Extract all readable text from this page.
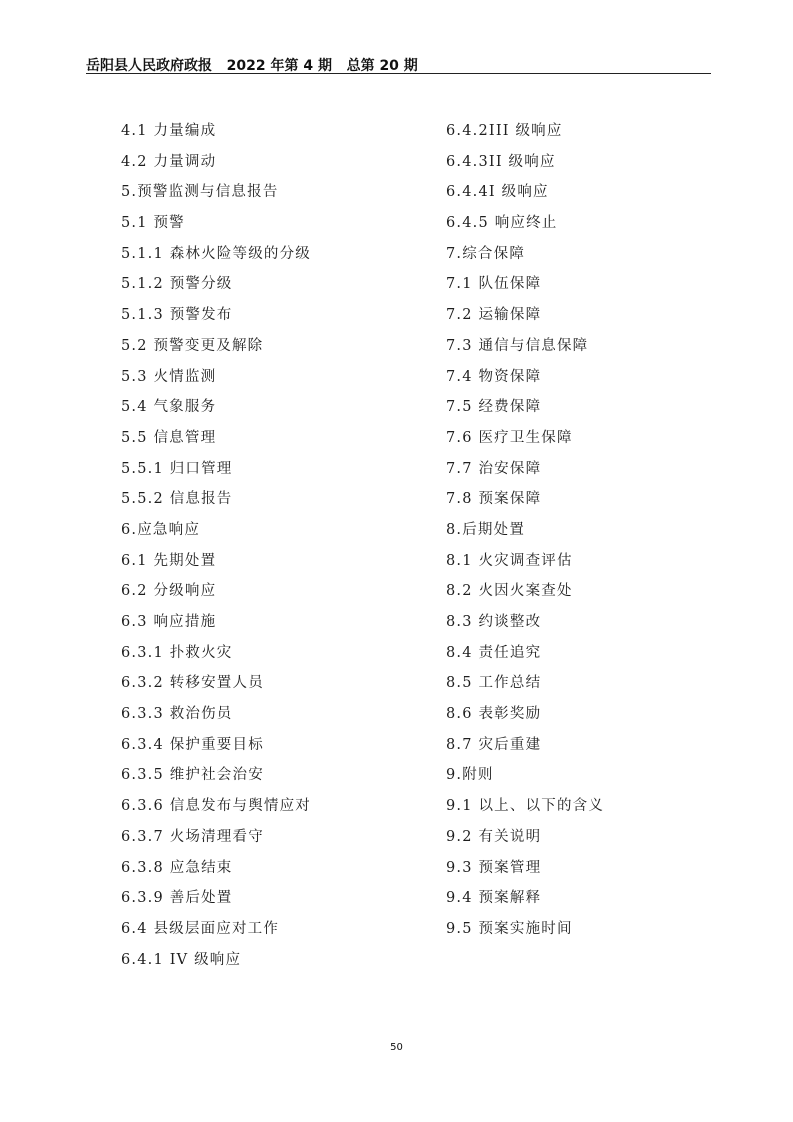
岳阳县人民政府政报   2022 年第 4 期   总第 20 期
4.1 力量编成
4.2 力量调动
5.预警监测与信息报告
5.1 预警
5.1.1 森林火险等级的分级
5.1.2 预警分级
5.1.3 预警发布
5.2 预警变更及解除
5.3 火情监测
5.4 气象服务
5.5 信息管理
5.5.1 归口管理
5.5.2 信息报告
6.应急响应
6.1 先期处置
6.2 分级响应
6.3 响应措施
6.3.1 扑救火灾
6.3.2 转移安置人员
6.3.3 救治伤员
6.3.4 保护重要目标
6.3.5 维护社会治安
6.3.6 信息发布与舆情应对
6.3.7 火场清理看守
6.3.8 应急结束
6.3.9 善后处置
6.4 县级层面应对工作
6.4.1 IV 级响应
6.4.2III 级响应
6.4.3II 级响应
6.4.4I 级响应
6.4.5 响应终止
7.综合保障
7.1 队伍保障
7.2 运输保障
7.3 通信与信息保障
7.4 物资保障
7.5 经费保障
7.6 医疗卫生保障
7.7 治安保障
7.8 预案保障
8.后期处置
8.1 火灾调查评估
8.2 火因火案查处
8.3 约谈整改
8.4 责任追究
8.5 工作总结
8.6 表彰奖励
8.7 灾后重建
9.附则
9.1 以上、以下的含义
9.2 有关说明
9.3 预案管理
9.4 预案解释
9.5 预案实施时间
50
